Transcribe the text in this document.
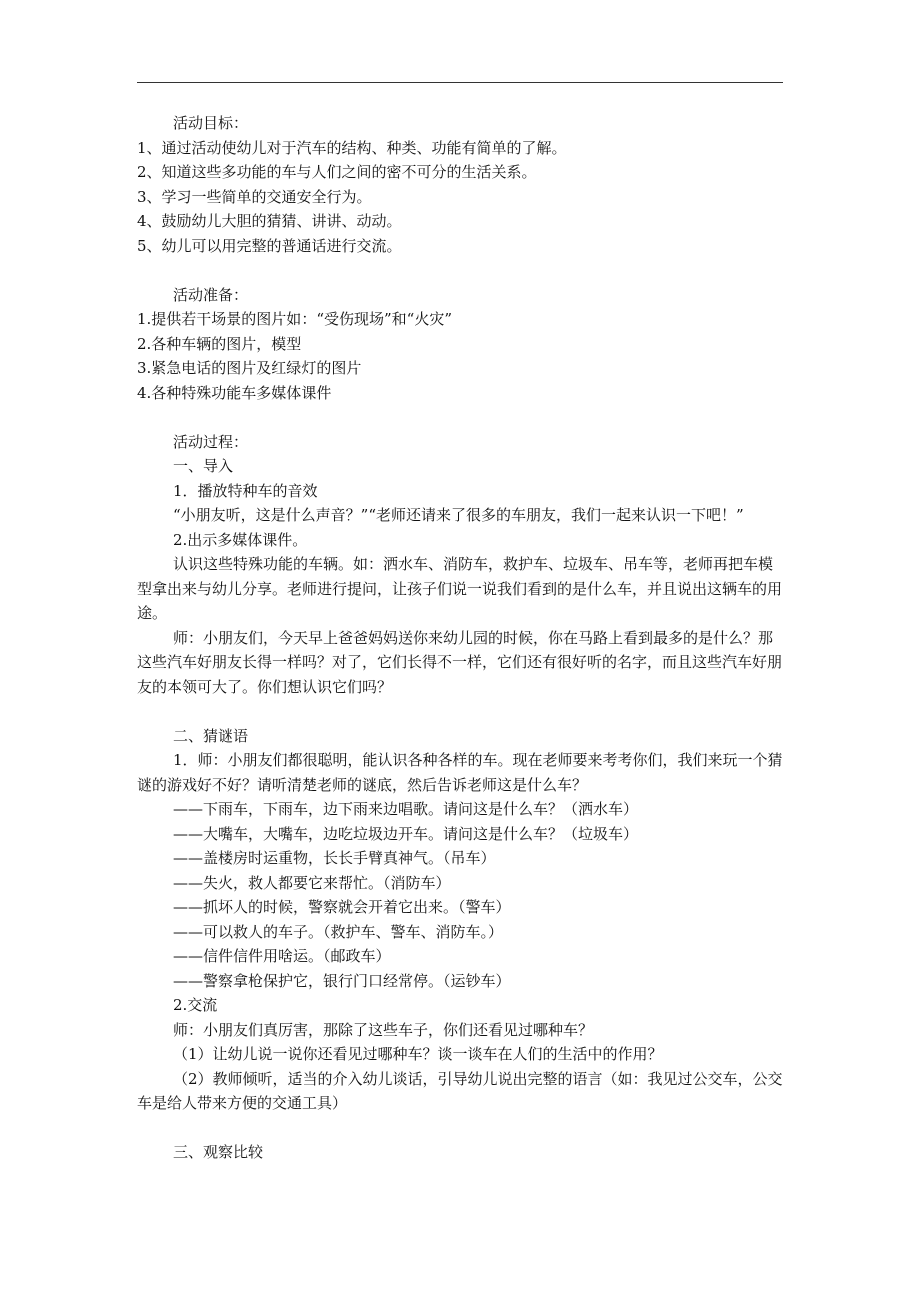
活动目标：

1、通过活动使幼儿对于汽车的结构、种类、功能有简单的了解。

2、知道这些多功能的车与人们之间的密不可分的生活关系。

3、学习一些简单的交通安全行为。

4、鼓励幼儿大胆的猜猜、讲讲、动动。

5、幼儿可以用完整的普通话进行交流。

活动准备：

1.提供若干场景的图片如：“受伤现场”和“火灾”

2.各种车辆的图片，模型

3.紧急电话的图片及红绿灯的图片

4.各种特殊功能车多媒体课件

活动过程：

一、导入

1．播放特种车的音效

“小朋友听，这是什么声音？”“老师还请来了很多的车朋友，我们一起来认识一下吧！”

2.出示多媒体课件。

认识这些特殊功能的车辆。如：洒水车、消防车，救护车、垃圾车、吊车等，老师再把车模型拿出来与幼儿分享。老师进行提问，让孩子们说一说我们看到的是什么车，并且说出这辆车的用途。

师：小朋友们，今天早上爸爸妈妈送你来幼儿园的时候，你在马路上看到最多的是什么？那这些汽车好朋友长得一样吗？对了，它们长得不一样，它们还有很好听的名字，而且这些汽车好朋友的本领可大了。你们想认识它们吗？

二、猜谜语

1．师：小朋友们都很聪明，能认识各种各样的车。现在老师要来考考你们，我们来玩一个猜谜的游戏好不好？请听清楚老师的谜底，然后告诉老师这是什么车？

——下雨车，下雨车，边下雨来边唱歌。请问这是什么车？（洒水车）

——大嘴车，大嘴车，边吃垃圾边开车。请问这是什么车？（垃圾车）

——盖楼房时运重物，长长手臂真神气。（吊车）

——失火，救人都要它来帮忙。（消防车）

——抓坏人的时候，警察就会开着它出来。（警车）

——可以救人的车子。（救护车、警车、消防车。）

——信件信件用啥运。（邮政车）

——警察拿枪保护它，银行门口经常停。（运钞车）

2.交流

师：小朋友们真厉害，那除了这些车子，你们还看见过哪种车？

（1）让幼儿说一说你还看见过哪种车？谈一谈车在人们的生活中的作用？

（2）教师倾听，适当的介入幼儿谈话，引导幼儿说出完整的语言（如：我见过公交车，公交车是给人带来方便的交通工具）

三、观察比较
